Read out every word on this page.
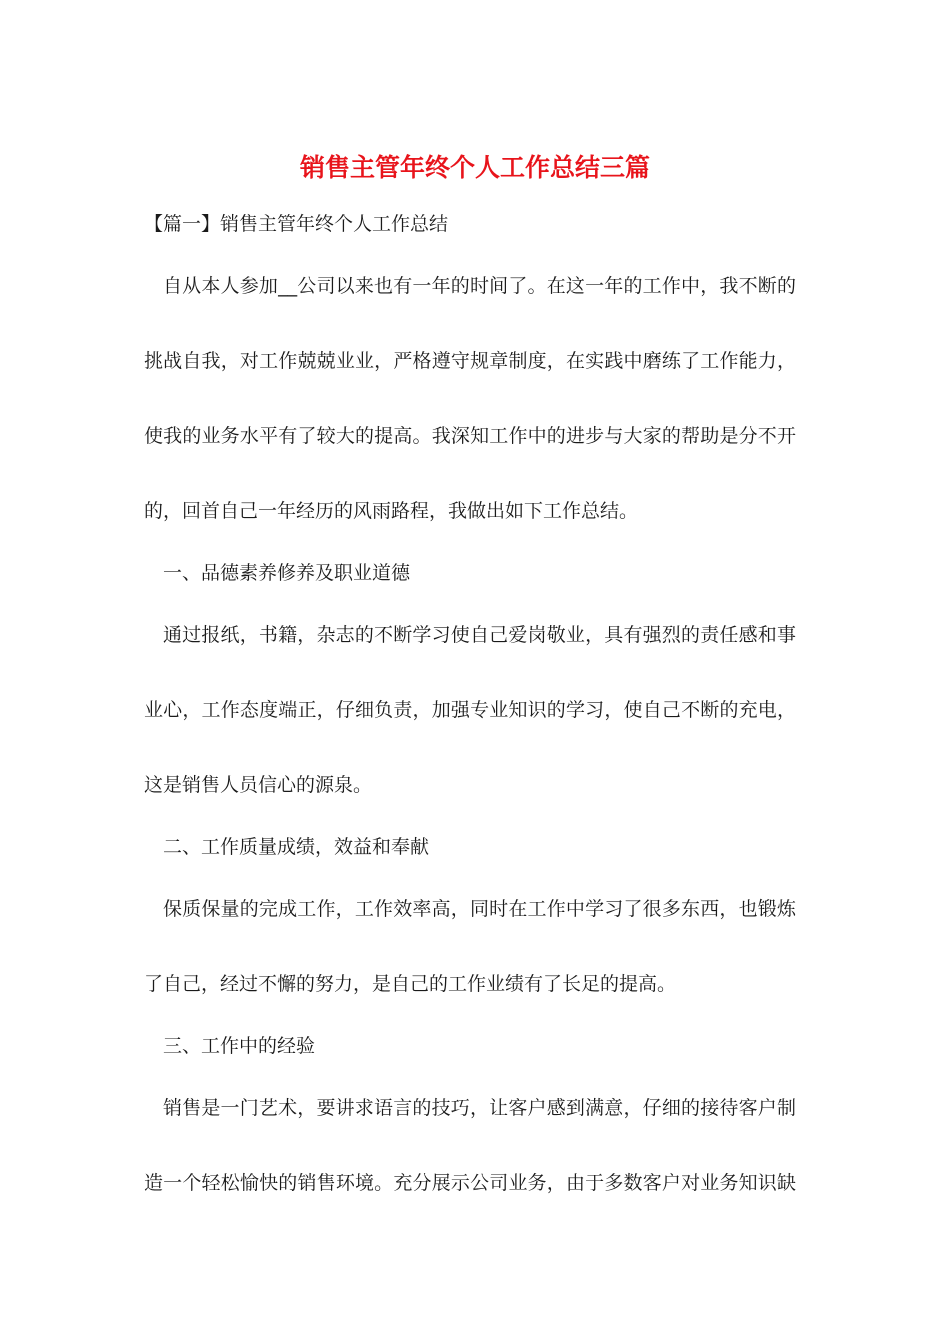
销售主管年终个人工作总结三篇
【篇一】销售主管年终个人工作总结
自从本人参加__公司以来也有一年的时间了。在这一年的工作中，我不断的
挑战自我，对工作兢兢业业，严格遵守规章制度，在实践中磨练了工作能力，
使我的业务水平有了较大的提高。我深知工作中的进步与大家的帮助是分不开
的，回首自己一年经历的风雨路程，我做出如下工作总结。
一、品德素养修养及职业道德
通过报纸，书籍，杂志的不断学习使自己爱岗敬业，具有强烈的责任感和事
业心，工作态度端正，仔细负责，加强专业知识的学习，使自己不断的充电，
这是销售人员信心的源泉。
二、工作质量成绩，效益和奉献
保质保量的完成工作，工作效率高，同时在工作中学习了很多东西，也锻炼
了自己，经过不懈的努力，是自己的工作业绩有了长足的提高。
三、工作中的经验
销售是一门艺术，要讲求语言的技巧，让客户感到满意，仔细的接待客户制
造一个轻松愉快的销售环境。充分展示公司业务，由于多数客户对业务知识缺
